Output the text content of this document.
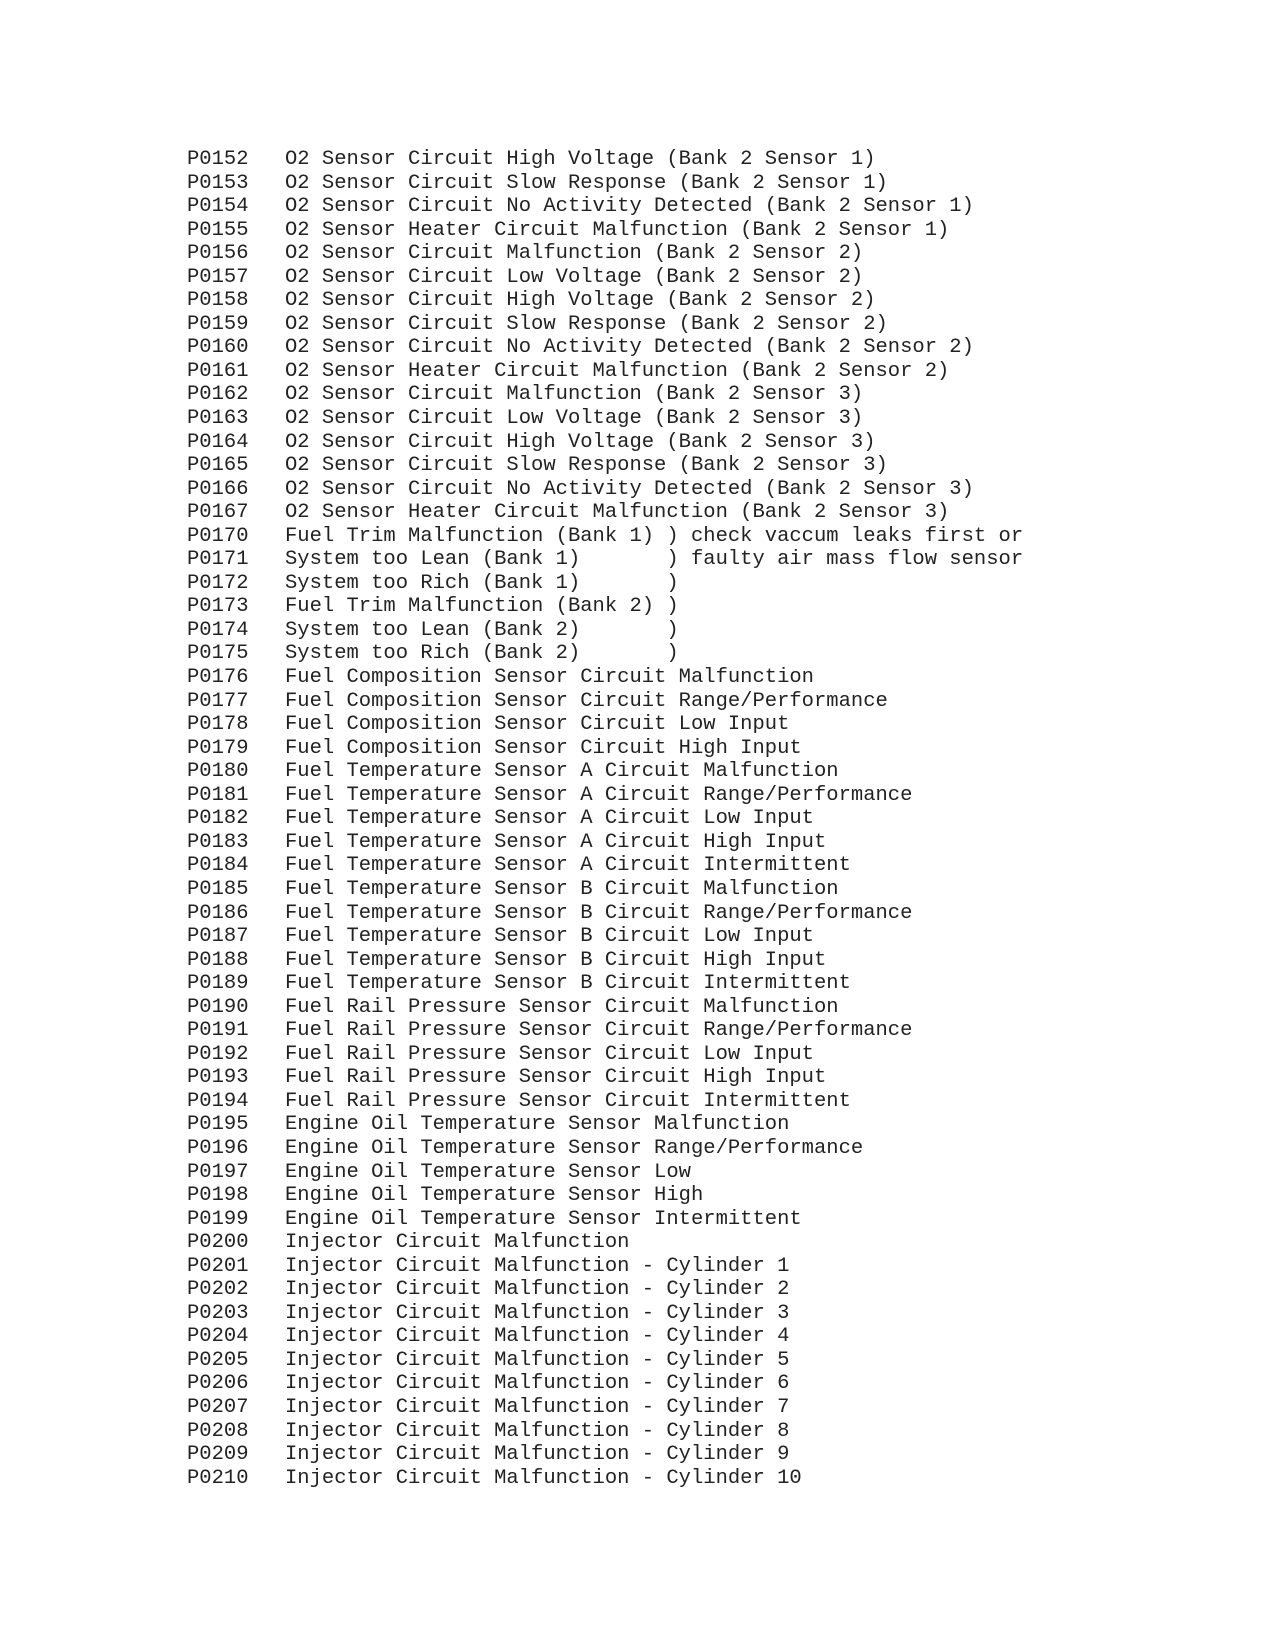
P0152	O2 Sensor Circuit High Voltage (Bank 2 Sensor 1)
P0153	O2 Sensor Circuit Slow Response (Bank 2 Sensor 1)
P0154	O2 Sensor Circuit No Activity Detected (Bank 2 Sensor 1)
P0155	O2 Sensor Heater Circuit Malfunction (Bank 2 Sensor 1)
P0156	O2 Sensor Circuit Malfunction (Bank 2 Sensor 2)
P0157	O2 Sensor Circuit Low Voltage (Bank 2 Sensor 2)
P0158	O2 Sensor Circuit High Voltage (Bank 2 Sensor 2)
P0159	O2 Sensor Circuit Slow Response (Bank 2 Sensor 2)
P0160	O2 Sensor Circuit No Activity Detected (Bank 2 Sensor 2)
P0161	O2 Sensor Heater Circuit Malfunction (Bank 2 Sensor 2)
P0162	O2 Sensor Circuit Malfunction (Bank 2 Sensor 3)
P0163	O2 Sensor Circuit Low Voltage (Bank 2 Sensor 3)
P0164	O2 Sensor Circuit High Voltage (Bank 2 Sensor 3)
P0165	O2 Sensor Circuit Slow Response (Bank 2 Sensor 3)
P0166	O2 Sensor Circuit No Activity Detected (Bank 2 Sensor 3)
P0167	O2 Sensor Heater Circuit Malfunction (Bank 2 Sensor 3)
P0170	Fuel Trim Malfunction (Bank 1) ) check vaccum leaks first or
P0171	System too Lean (Bank 1)       ) faulty air mass flow sensor
P0172	System too Rich (Bank 1)       )
P0173	Fuel Trim Malfunction (Bank 2) )
P0174	System too Lean (Bank 2)       )
P0175	System too Rich (Bank 2)       )
P0176	Fuel Composition Sensor Circuit Malfunction
P0177	Fuel Composition Sensor Circuit Range/Performance
P0178	Fuel Composition Sensor Circuit Low Input
P0179	Fuel Composition Sensor Circuit High Input
P0180	Fuel Temperature Sensor A Circuit Malfunction
P0181	Fuel Temperature Sensor A Circuit Range/Performance
P0182	Fuel Temperature Sensor A Circuit Low Input
P0183	Fuel Temperature Sensor A Circuit High Input
P0184	Fuel Temperature Sensor A Circuit Intermittent
P0185	Fuel Temperature Sensor B Circuit Malfunction
P0186	Fuel Temperature Sensor B Circuit Range/Performance
P0187	Fuel Temperature Sensor B Circuit Low Input
P0188	Fuel Temperature Sensor B Circuit High Input
P0189	Fuel Temperature Sensor B Circuit Intermittent
P0190	Fuel Rail Pressure Sensor Circuit Malfunction
P0191	Fuel Rail Pressure Sensor Circuit Range/Performance
P0192	Fuel Rail Pressure Sensor Circuit Low Input
P0193	Fuel Rail Pressure Sensor Circuit High Input
P0194	Fuel Rail Pressure Sensor Circuit Intermittent
P0195	Engine Oil Temperature Sensor Malfunction
P0196	Engine Oil Temperature Sensor Range/Performance
P0197	Engine Oil Temperature Sensor Low
P0198	Engine Oil Temperature Sensor High
P0199	Engine Oil Temperature Sensor Intermittent
P0200	Injector Circuit Malfunction
P0201	Injector Circuit Malfunction - Cylinder 1
P0202	Injector Circuit Malfunction - Cylinder 2
P0203	Injector Circuit Malfunction - Cylinder 3
P0204	Injector Circuit Malfunction - Cylinder 4
P0205	Injector Circuit Malfunction - Cylinder 5
P0206	Injector Circuit Malfunction - Cylinder 6
P0207	Injector Circuit Malfunction - Cylinder 7
P0208	Injector Circuit Malfunction - Cylinder 8
P0209	Injector Circuit Malfunction - Cylinder 9
P0210	Injector Circuit Malfunction - Cylinder 10
